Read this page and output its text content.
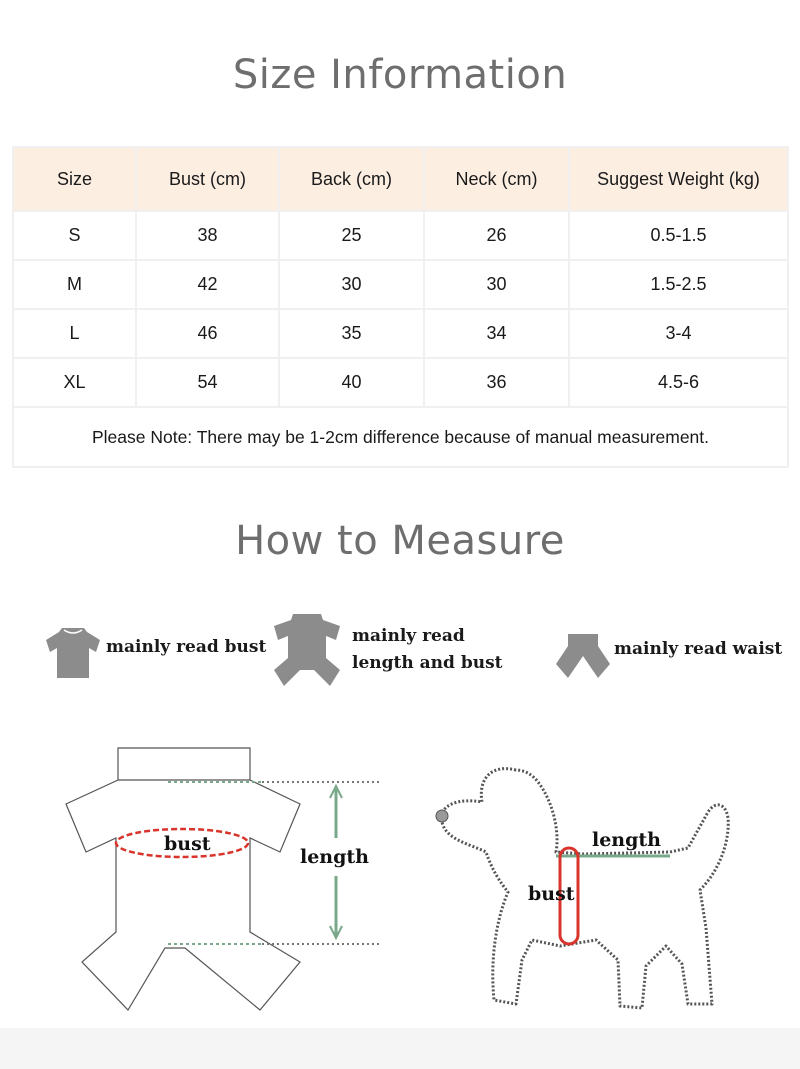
Size Information
Size	Bust (cm)	Back (cm)	Neck (cm)	Suggest Weight (kg)
S	38	25	26	0.5-1.5
M	42	30	30	1.5-2.5
L	46	35	34	3-4
XL	54	40	36	4.5-6
Please Note: There may be 1-2cm difference because of manual measurement.				
How to Measure

mainly read bust

mainly read

length and bust

mainly read waist

bust
length
length
bust
